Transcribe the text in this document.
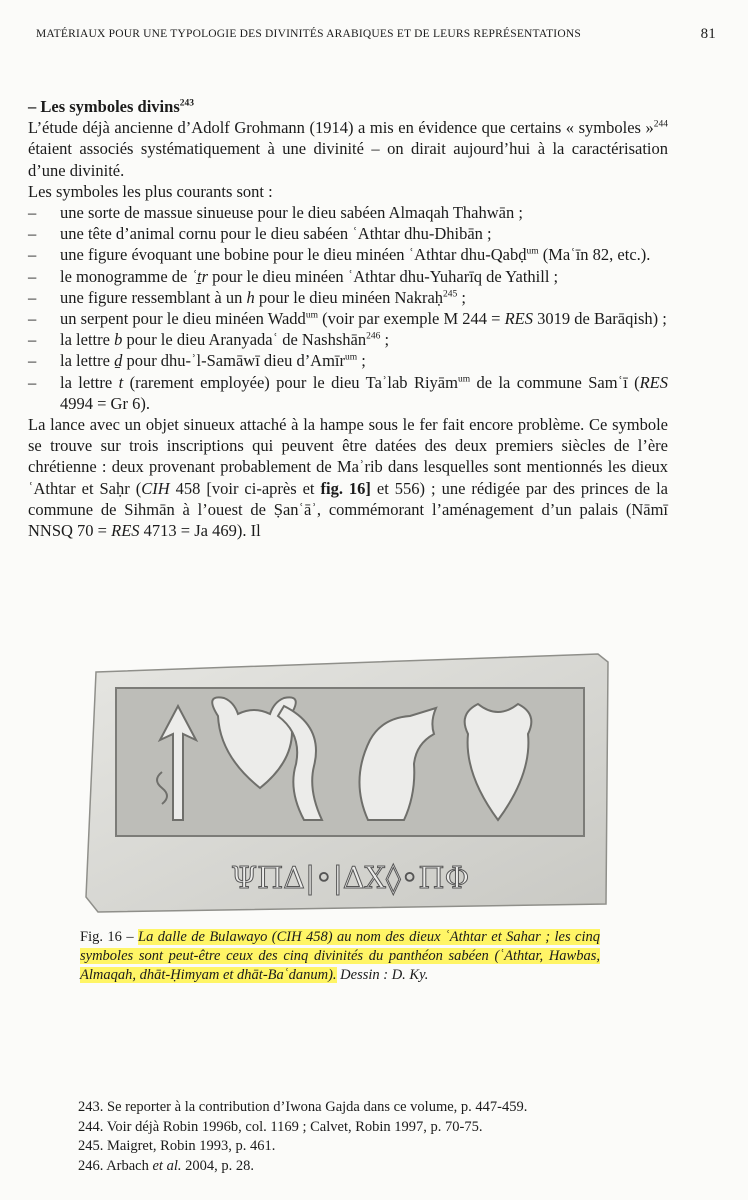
MATÉRIAUX POUR UNE TYPOLOGIE DES DIVINITÉS ARABIQUES ET DE LEURS REPRÉSENTATIONS	81

– Les symboles divins$^{243}$

L’étude déjà ancienne d’Adolf Grohmann (1914) a mis en évidence que certains « symboles »$^{244}$ étaient associés systématiquement à une divinité – on dirait aujourd’hui à la caractérisation d’une divinité.

Les symboles les plus courants sont :

– une sorte de massue sinueuse pour le dieu sabéen Almaqah Thahwān ;

– une tête d’animal cornu pour le dieu sabéen ʿAthtar dhu-Dhibān ;

– une figure évoquant une bobine pour le dieu minéen ʿAthtar dhu-Qabḍ$^{um}$ (Maʿīn 82, etc.).

– le monogramme de ʿṯr pour le dieu minéen ʿAthtar dhu-Yuharīq de Yathill ;

– une figure ressemblant à un h pour le dieu minéen Nakraḥ$^{245}$ ;

– un serpent pour le dieu minéen Wadd$^{um}$ (voir par exemple M 244 = RES 3019 de Barāqish) ;

– la lettre b pour le dieu Aranyadaʿ de Nashshān$^{246}$ ;

– la lettre ḏ pour dhu-ʾl-Samāwī dieu d’Amīr$^{um}$ ;

– la lettre t (rarement employée) pour le dieu Taʾlab Riyām$^{um}$ de la commune Samʿī (RES 4994 = Gr 6).

La lance avec un objet sinueux attaché à la hampe sous le fer fait encore problème. Ce symbole se trouve sur trois inscriptions qui peuvent être datées des deux premiers siècles de l’ère chrétienne : deux provenant probablement de Maʾrib dans lesquelles sont mentionnés les dieux ʿAthtar et Saḥr (CIH 458 [voir ci-après et fig. 16] et 556) ; une rédigée par des princes de la commune de Sihmān à l’ouest de Ṣanʿāʾ, commémorant l’aménagement d’un palais (Nāmī NNSQ 70 = RES 4713 = Ja 469). Il

ΨΠΔ|◦|ΔX◊◦ΠΦ
Fig. 16 – La dalle de Bulawayo (CIH 458) au nom des dieux ʿAthtar et Sahar ; les cinq symboles sont peut-être ceux des cinq divinités du panthéon sabéen (ʿAthtar, Hawbas, Almaqah, dhāt-Ḥimyam et dhāt-Baʿdanum). Dessin : D. Ky.
243. Se reporter à la contribution d’Iwona Gajda dans ce volume, p. 447-459.
244. Voir déjà Robin 1996b, col. 1169 ; Calvet, Robin 1997, p. 70-75.
245. Maigret, Robin 1993, p. 461.
246. Arbach et al. 2004, p. 28.
